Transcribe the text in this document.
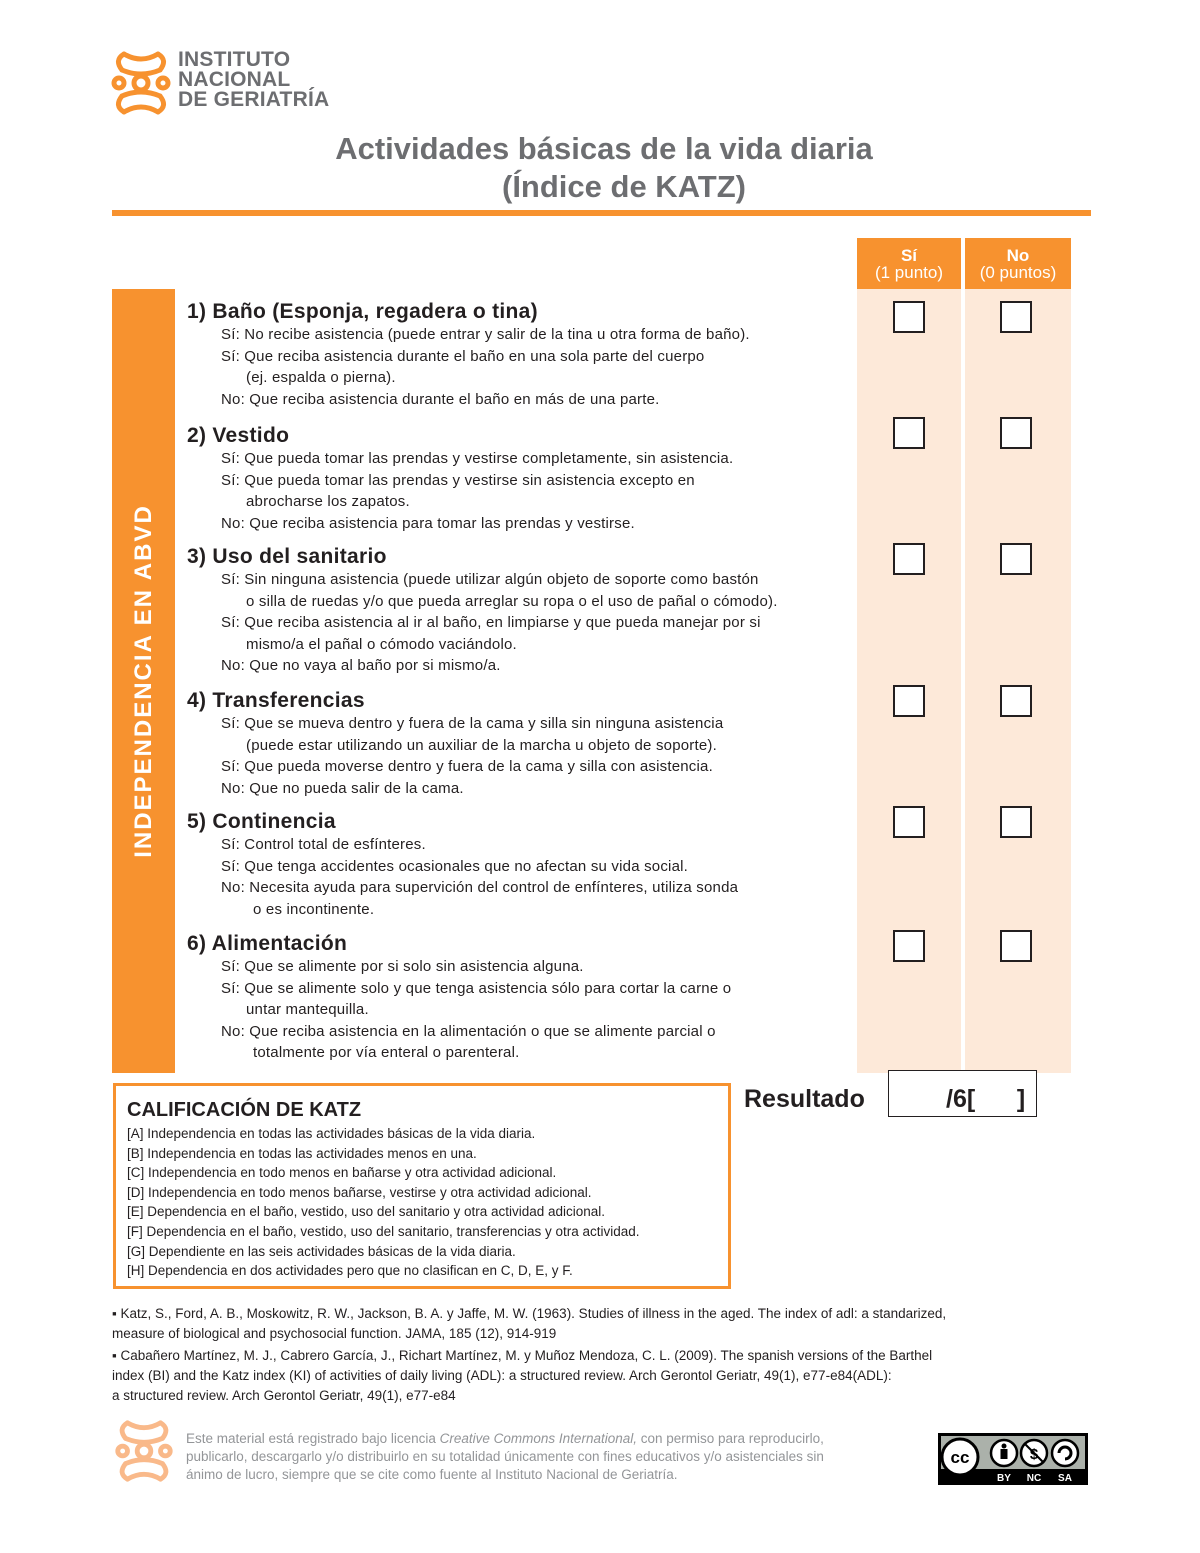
INSTITUTO
NACIONAL
DE GERIATRÍA
Actividades básicas de la vida diaria
(Índice de KATZ)
Sí
(1 punto)
No
(0 puntos)
INDEPENDENCIA EN ABVD
1) Baño (Esponja, regadera o tina)
Sí: No recibe asistencia (puede entrar y salir de la tina u otra forma de baño).
Sí: Que reciba asistencia durante el baño en una sola parte del cuerpo
(ej. espalda o pierna).
No: Que reciba asistencia durante el baño en más de una parte.
2) Vestido
Sí: Que pueda tomar las prendas y vestirse completamente, sin asistencia.
Sí: Que pueda tomar las prendas y vestirse sin asistencia excepto en
abrocharse los zapatos.
No: Que reciba asistencia para tomar las prendas y vestirse.
3) Uso del sanitario
Sí: Sin ninguna asistencia (puede utilizar algún objeto de soporte como bastón
o silla de ruedas y/o que pueda arreglar su ropa o el uso de pañal o cómodo).
Sí: Que reciba asistencia al ir al baño, en limpiarse y que pueda manejar por si
mismo/a el pañal o cómodo vaciándolo.
No: Que no vaya al baño por si mismo/a.
4) Transferencias
Sí: Que se mueva dentro y fuera de la cama y silla sin ninguna asistencia
(puede estar utilizando un auxiliar de la marcha u objeto de soporte).
Sí: Que pueda moverse dentro y fuera de la cama y silla con asistencia.
No: Que no pueda salir de la cama.
5) Continencia
Sí: Control total de esfínteres.
Sí: Que tenga accidentes ocasionales que no afectan su vida social.
No: Necesita ayuda para supervición del control de enfínteres, utiliza sonda
o es incontinente.
6) Alimentación
Sí: Que se alimente por si solo sin asistencia alguna.
Sí: Que se alimente solo y que tenga asistencia sólo para cortar la carne o
untar mantequilla.
No: Que reciba asistencia en la alimentación o que se alimente parcial o
totalmente por vía enteral o parenteral.
CALIFICACIÓN DE KATZ
[A] Independencia en todas las actividades básicas de la vida diaria.
[B] Independencia en todas las actividades menos en una.
[C] Independencia en todo menos en bañarse y otra actividad adicional.
[D] Independencia en todo menos bañarse, vestirse y otra actividad adicional.
[E] Dependencia en el baño, vestido, uso del sanitario y otra actividad adicional.
[F] Dependencia en el baño, vestido, uso del sanitario, transferencias y otra actividad.
[G] Dependiente en las seis actividades básicas de la vida diaria.
[H] Dependencia en dos actividades pero que no clasifican en C, D, E, y F.
Resultado	/6[      ]
▪ Katz, S., Ford, A. B., Moskowitz, R. W., Jackson, B. A. y Jaffe, M. W. (1963). Studies of illness in the aged. The index of adl: a standarized,
measure of biological and psychosocial function. JAMA, 185 (12), 914-919
▪ Cabañero Martínez, M. J., Cabrero García, J., Richart Martínez, M. y Muñoz Mendoza, C. L. (2009). The spanish versions of the Barthel
index (BI) and the Katz index (KI) of activities of daily living (ADL): a structured review. Arch Gerontol Geriatr, 49(1), e77-e84(ADL):
a structured review. Arch Gerontol Geriatr, 49(1), e77-e84
Este material está registrado bajo licencia Creative Commons International, con permiso para reproducirlo,
publicarlo, descargarlo y/o distribuirlo en su totalidad únicamente con fines educativos y/o asistenciales sin
ánimo de lucro, siempre que se cite como fuente al Instituto Nacional de Geriatría.
cc	$
BY NC SA
